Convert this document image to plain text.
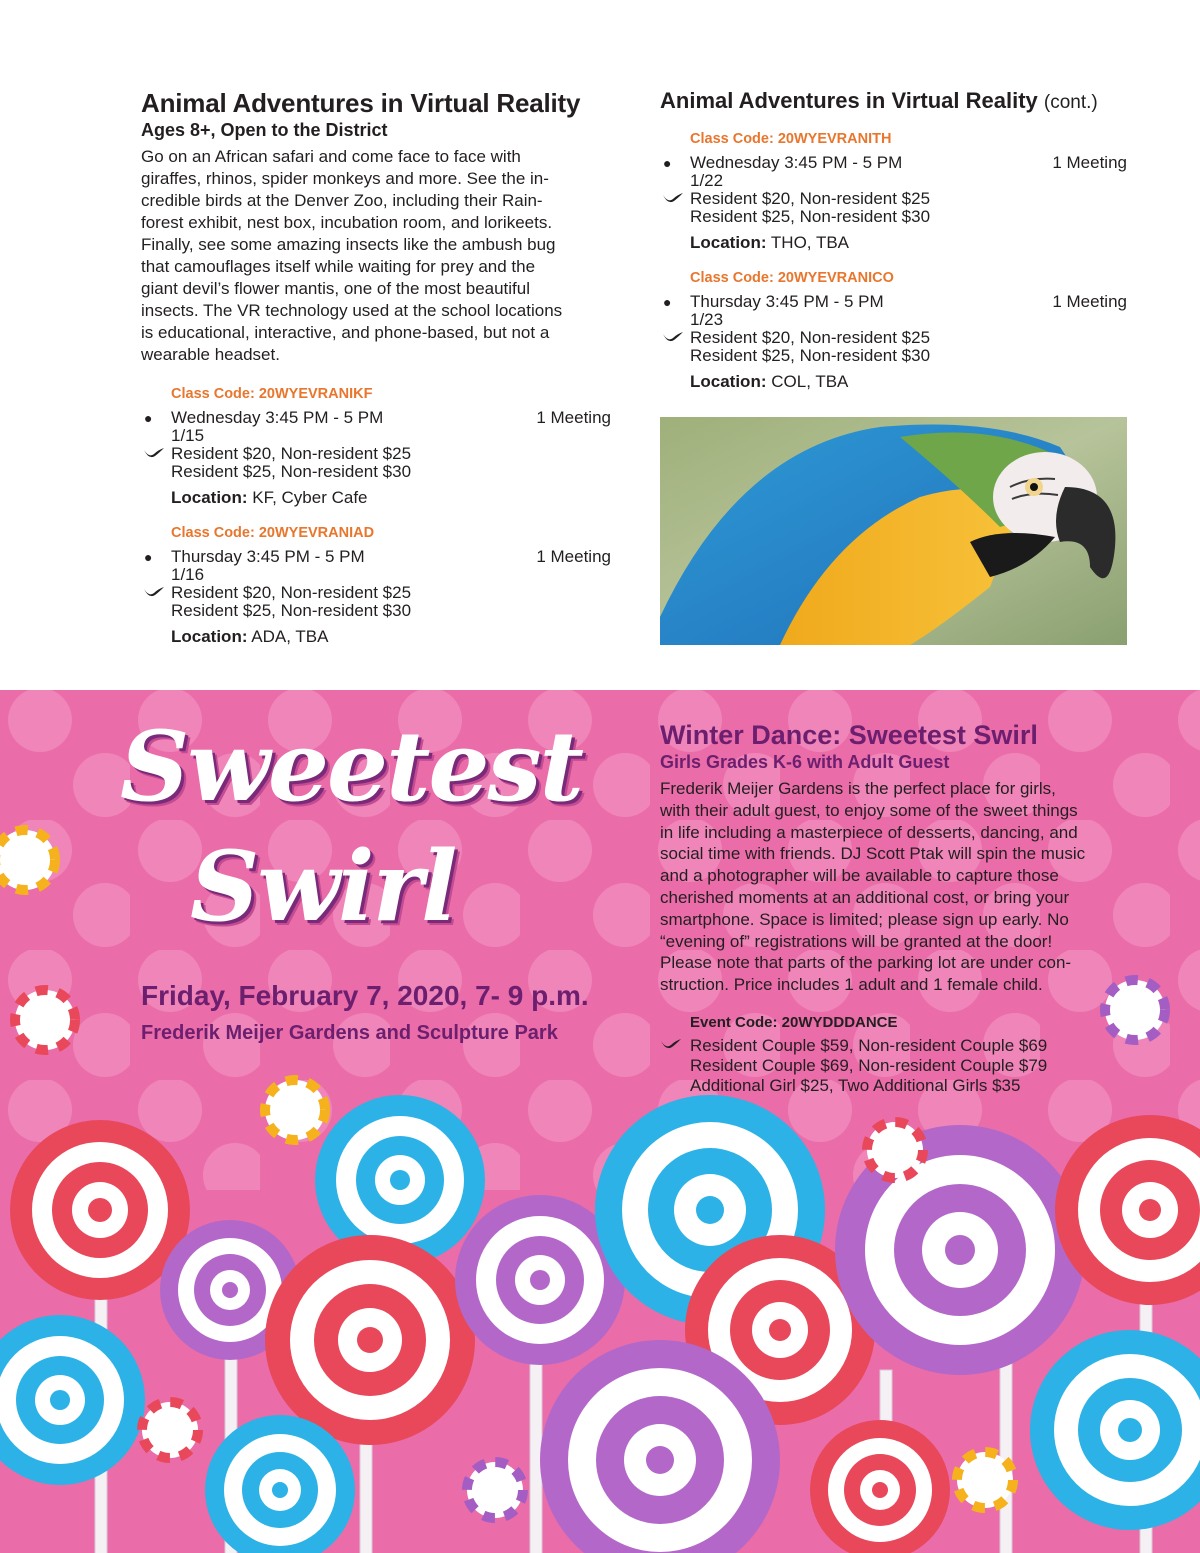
Animal Adventures in Virtual Reality
Ages 8+, Open to the District
Go on an African safari and come face to face with
giraffes, rhinos, spider monkeys and more. See the in-
credible birds at the Denver Zoo, including their Rain-
forest exhibit, nest box, incubation room, and lorikeets.
Finally, see some amazing insects like the ambush bug
that camouflages itself while waiting for prey and the
giant devil’s flower mantis, one of the most beautiful
insects. The VR technology used at the school locations
is educational, interactive, and phone-based, but not a
wearable headset.
Class Code: 20WYEVRANIKF
● Wednesday 3:45 PM - 5 PM	1 Meeting
1/15
Resident $20, Non-resident $25
Resident $25, Non-resident $30
Location: KF, Cyber Cafe
Class Code: 20WYEVRANIAD
● Thursday 3:45 PM - 5 PM	1 Meeting
1/16
Resident $20, Non-resident $25
Resident $25, Non-resident $30
Location: ADA, TBA
Animal Adventures in Virtual Reality (cont.)
Class Code: 20WYEVRANITH
● Wednesday 3:45 PM - 5 PM	1 Meeting
1/22
Resident $20, Non-resident $25
Resident $25, Non-resident $30
Location: THO, TBA
Class Code: 20WYEVRANICO
● Thursday 3:45 PM - 5 PM	1 Meeting
1/23
Resident $20, Non-resident $25
Resident $25, Non-resident $30
Location: COL, TBA
Sweetest
Swirl
Friday, February 7, 2020, 7- 9 p.m.
Frederik Meijer Gardens and Sculpture Park
Winter Dance: Sweetest Swirl
Girls Grades K-6 with Adult Guest
Frederik Meijer Gardens is the perfect place for girls,
with their adult guest, to enjoy some of the sweet things
in life including a masterpiece of desserts, dancing, and
social time with friends. DJ Scott Ptak will spin the music
and a photographer will be available to capture those
cherished moments at an additional cost, or bring your
smartphone. Space is limited; please sign up early. No
“evening of” registrations will be granted at the door!
Please note that parts of the parking lot are under con-
struction. Price includes 1 adult and 1 female child.
Event Code: 20WYDDDANCE
Resident Couple $59, Non-resident Couple $69
Resident Couple $69, Non-resident Couple $79
Additional Girl $25, Two Additional Girls $35
